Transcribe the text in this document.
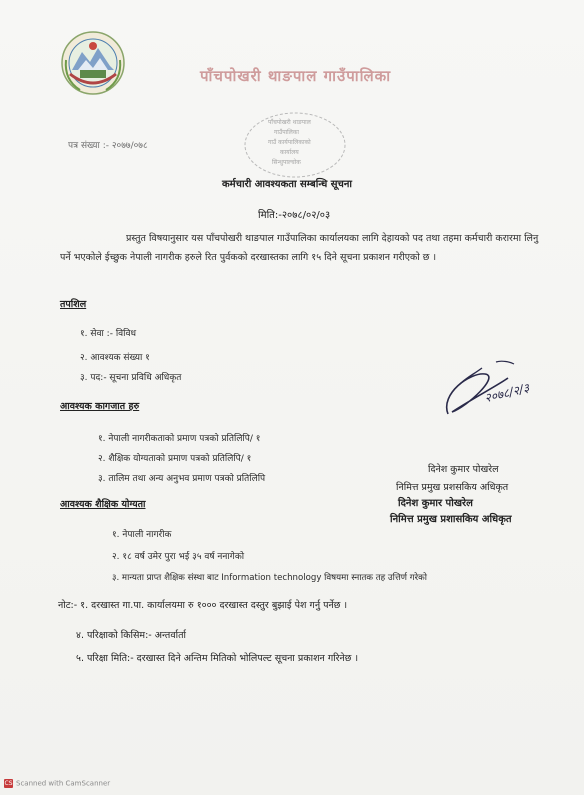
पाँचपोखरी थाङपाल गाउँपालिका
पत्र संख्या :- २०७७/०७८
पाँचपोखरी थाङपाल
गाउँपालिका
गाउँ कार्यपालिकाको
कार्यालय
सिन्धुपाल्चोक
कर्मचारी आवश्यकता सम्बन्धि सूचना
मिति:-२०७८/०२/०३
प्रस्तुत विषयानुसार यस पाँचपोखरी थाङपाल गाउँपालिका कार्यालयका लागि देहायको पद तथा तहमा कर्मचारी करारमा लिनु पर्ने भएकोले ईच्छुक नेपाली नागरीक हरुले रित पुर्वकको दरखास्तका लागि १५ दिने सूचना प्रकाशन गरीएको छ ।
तपशिल
१. सेवा :- विविध
२. आवश्यक संख्या १
३. पद:- सूचना प्रविधि अधिकृत
आवश्यक कागजात हरु
१. नेपाली नागरीकताको प्रमाण पत्रको प्रतिलिपि/ १
२. शैक्षिक योग्यताको प्रमाण पत्रको प्रतिलिपि/ १
३. तालिम तथा अन्य अनुभव प्रमाण पत्रको प्रतिलिपि
२०७८/२/३
दिनेश कुमार पोखरेल
निमित्त प्रमुख प्रशसकिय अधिकृत
दिनेश कुमार पोखरेल
निमित्त प्रमुख प्रशासकिय अधिकृत
आवश्यक शैक्षिक योग्यता
१. नेपाली नागरीक
२. १८ वर्ष उमेर पुरा भई ३५ वर्ष ननागेको
३. मान्यता प्राप्त शैक्षिक संस्था बाट Information technology विषयमा स्नातक तह उत्तिर्ण गरेको
नोट:- १. दरखास्त गा.पा. कार्यालयमा रु १००० दरखास्त दस्तुर बुझाई पेश गर्नु पर्नेछ ।
४. परिक्षाको किसिम:- अन्तर्वार्ता
५. परिक्षा मिति:- दरखास्त दिने अन्तिम मितिको भोलिपल्ट सूचना प्रकाशन गरिनेछ ।
CS Scanned with CamScanner
